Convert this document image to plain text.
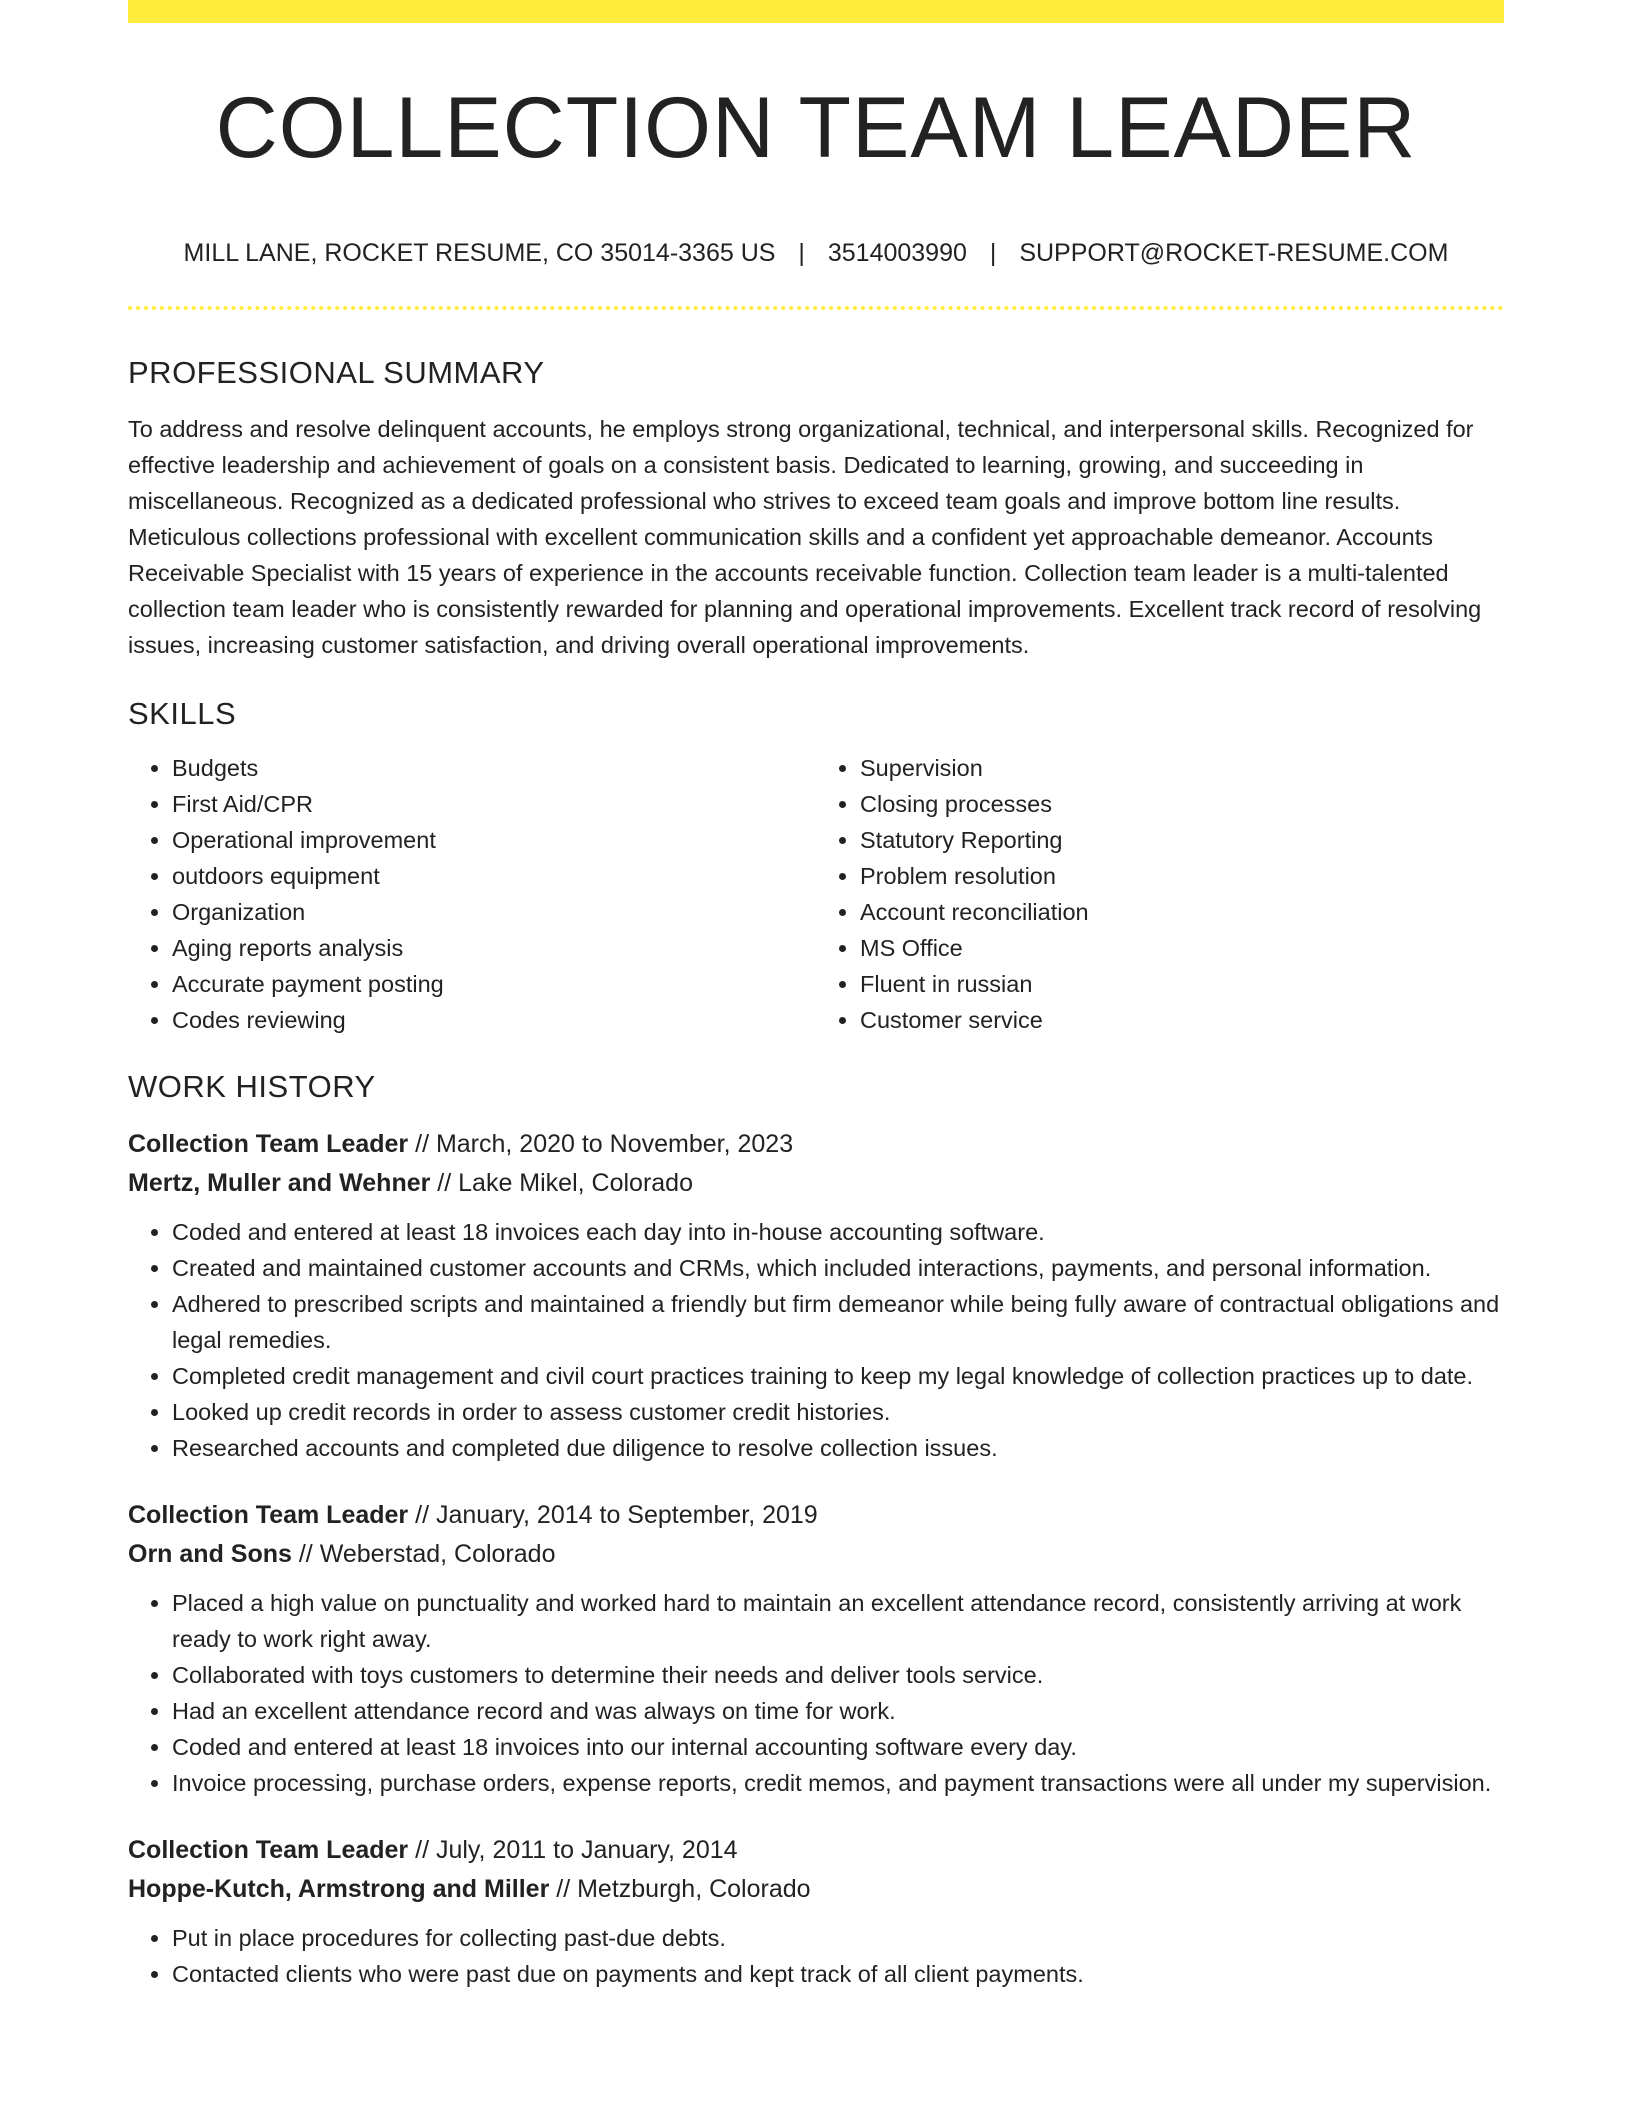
COLLECTION TEAM LEADER
MILL LANE, ROCKET RESUME, CO 35014-3365 US | 3514003990 | SUPPORT@ROCKET-RESUME.COM
PROFESSIONAL SUMMARY
To address and resolve delinquent accounts, he employs strong organizational, technical, and interpersonal skills. Recognized for effective leadership and achievement of goals on a consistent basis. Dedicated to learning, growing, and succeeding in miscellaneous. Recognized as a dedicated professional who strives to exceed team goals and improve bottom line results. Meticulous collections professional with excellent communication skills and a confident yet approachable demeanor. Accounts Receivable Specialist with 15 years of experience in the accounts receivable function. Collection team leader is a multi-talented collection team leader who is consistently rewarded for planning and operational improvements. Excellent track record of resolving issues, increasing customer satisfaction, and driving overall operational improvements.
SKILLS
• Budgets
• First Aid/CPR
• Operational improvement
• outdoors equipment
• Organization
• Aging reports analysis
• Accurate payment posting
• Codes reviewing
• Supervision
• Closing processes
• Statutory Reporting
• Problem resolution
• Account reconciliation
• MS Office
• Fluent in russian
• Customer service
WORK HISTORY
Collection Team Leader // March, 2020 to November, 2023
Mertz, Muller and Wehner // Lake Mikel, Colorado
• Coded and entered at least 18 invoices each day into in-house accounting software.
• Created and maintained customer accounts and CRMs, which included interactions, payments, and personal information.
• Adhered to prescribed scripts and maintained a friendly but firm demeanor while being fully aware of contractual obligations and legal remedies.
• Completed credit management and civil court practices training to keep my legal knowledge of collection practices up to date.
• Looked up credit records in order to assess customer credit histories.
• Researched accounts and completed due diligence to resolve collection issues.
Collection Team Leader // January, 2014 to September, 2019
Orn and Sons // Weberstad, Colorado
• Placed a high value on punctuality and worked hard to maintain an excellent attendance record, consistently arriving at work ready to work right away.
• Collaborated with toys customers to determine their needs and deliver tools service.
• Had an excellent attendance record and was always on time for work.
• Coded and entered at least 18 invoices into our internal accounting software every day.
• Invoice processing, purchase orders, expense reports, credit memos, and payment transactions were all under my supervision.
Collection Team Leader // July, 2011 to January, 2014
Hoppe-Kutch, Armstrong and Miller // Metzburgh, Colorado
• Put in place procedures for collecting past-due debts.
• Contacted clients who were past due on payments and kept track of all client payments.
